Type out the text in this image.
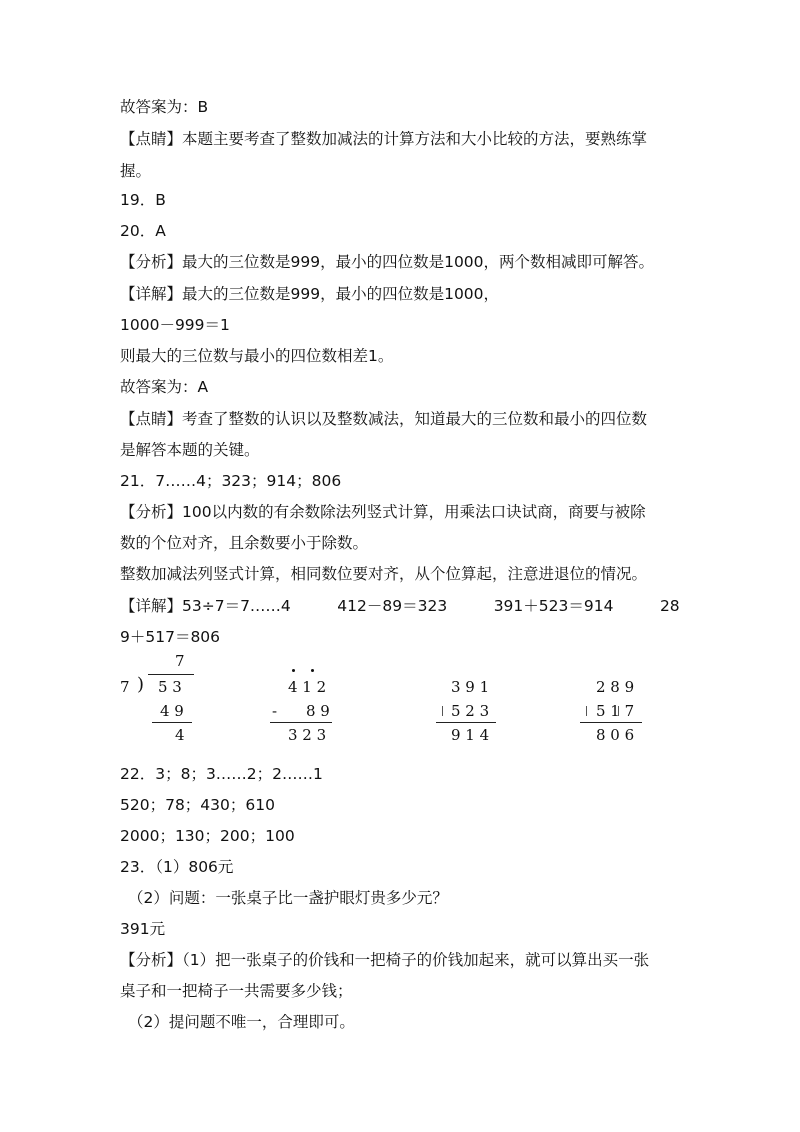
故答案为：B
【点睛】本题主要考查了整数加减法的计算方法和大小比较的方法，要熟练掌
握。
19．B
20．A
【分析】最大的三位数是999，最小的四位数是1000，两个数相减即可解答。
【详解】最大的三位数是999，最小的四位数是1000，
1000－999＝1
则最大的三位数与最小的四位数相差1。
故答案为：A
【点睛】考查了整数的认识以及整数减法，知道最大的三位数和最小的四位数
是解答本题的关键。
21．7……4；323；914；806
【分析】100以内数的有余数除法列竖式计算，用乘法口诀试商，商要与被除
数的个位对齐，且余数要小于除数。
整数加减法列竖式计算，相同数位要对齐，从个位算起，注意进退位的情况。
【详解】53÷7＝7……4　　　412－89＝323　　　391＋523＝914　　　28
9＋517＝806
7
7 ) 5 3
4 9
4
4 1 2
- 8 9
3 2 3
3 9 1
5 2 3
9 1 4
2 8 9
5 1 7
8 0 6
22．3；8；3……2；2……1
520；78；430；610
2000；130；200；100
23．（1）806元
（2）问题：一张桌子比一盏护眼灯贵多少元？
391元
【分析】（1）把一张桌子的价钱和一把椅子的价钱加起来，就可以算出买一张
桌子和一把椅子一共需要多少钱；
（2）提问题不唯一，合理即可。
